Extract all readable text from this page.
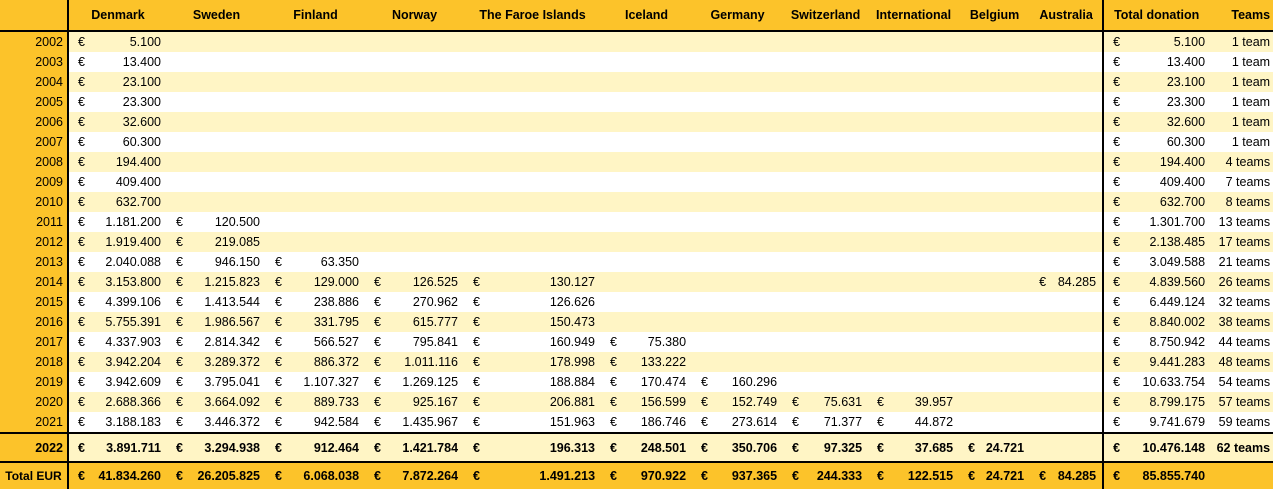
	Denmark		Sweden		Finland		Norway		The Faroe Islands		Iceland		Germany		Switzerland		International		Belgium		Australia		Total donation		Teams
2002	€	5.100																					€	5.100	1 team
2003	€	13.400																					€	13.400	1 team
2004	€	23.100																					€	23.100	1 team
2005	€	23.300																					€	23.300	1 team
2006	€	32.600																					€	32.600	1 team
2007	€	60.300																					€	60.300	1 team
2008	€	194.400																					€	194.400	4 teams
2009	€	409.400																					€	409.400	7 teams
2010	€	632.700																					€	632.700	8 teams
2011	€	1.181.200	€	120.500																			€	1.301.700	13 teams
2012	€	1.919.400	€	219.085																			€	2.138.485	17 teams
2013	€	2.040.088	€	946.150	€	63.350																	€	3.049.588	21 teams
2014	€	3.153.800	€	1.215.823	€	129.000	€	126.525	€	130.127											€	84.285	€	4.839.560	26 teams
2015	€	4.399.106	€	1.413.544	€	238.886	€	270.962	€	126.626													€	6.449.124	32 teams
2016	€	5.755.391	€	1.986.567	€	331.795	€	615.777	€	150.473													€	8.840.002	38 teams
2017	€	4.337.903	€	2.814.342	€	566.527	€	795.841	€	160.949	€	75.380											€	8.750.942	44 teams
2018	€	3.942.204	€	3.289.372	€	886.372	€	1.011.116	€	178.998	€	133.222											€	9.441.283	48 teams
2019	€	3.942.609	€	3.795.041	€	1.107.327	€	1.269.125	€	188.884	€	170.474	€	160.296									€	10.633.754	54 teams
2020	€	2.688.366	€	3.664.092	€	889.733	€	925.167	€	206.881	€	156.599	€	152.749	€	75.631	€	39.957					€	8.799.175	57 teams
2021	€	3.188.183	€	3.446.372	€	942.584	€	1.435.967	€	151.963	€	186.746	€	273.614	€	71.377	€	44.872					€	9.741.679	59 teams
2022	€	3.891.711	€	3.294.938	€	912.464	€	1.421.784	€	196.313	€	248.501	€	350.706	€	97.325	€	37.685	€	24.721			€	10.476.148	62 teams
Total EUR	€	41.834.260	€	26.205.825	€	6.068.038	€	7.872.264	€	1.491.213	€	970.922	€	937.365	€	244.333	€	122.515	€	24.721	€	84.285	€	85.855.740	
